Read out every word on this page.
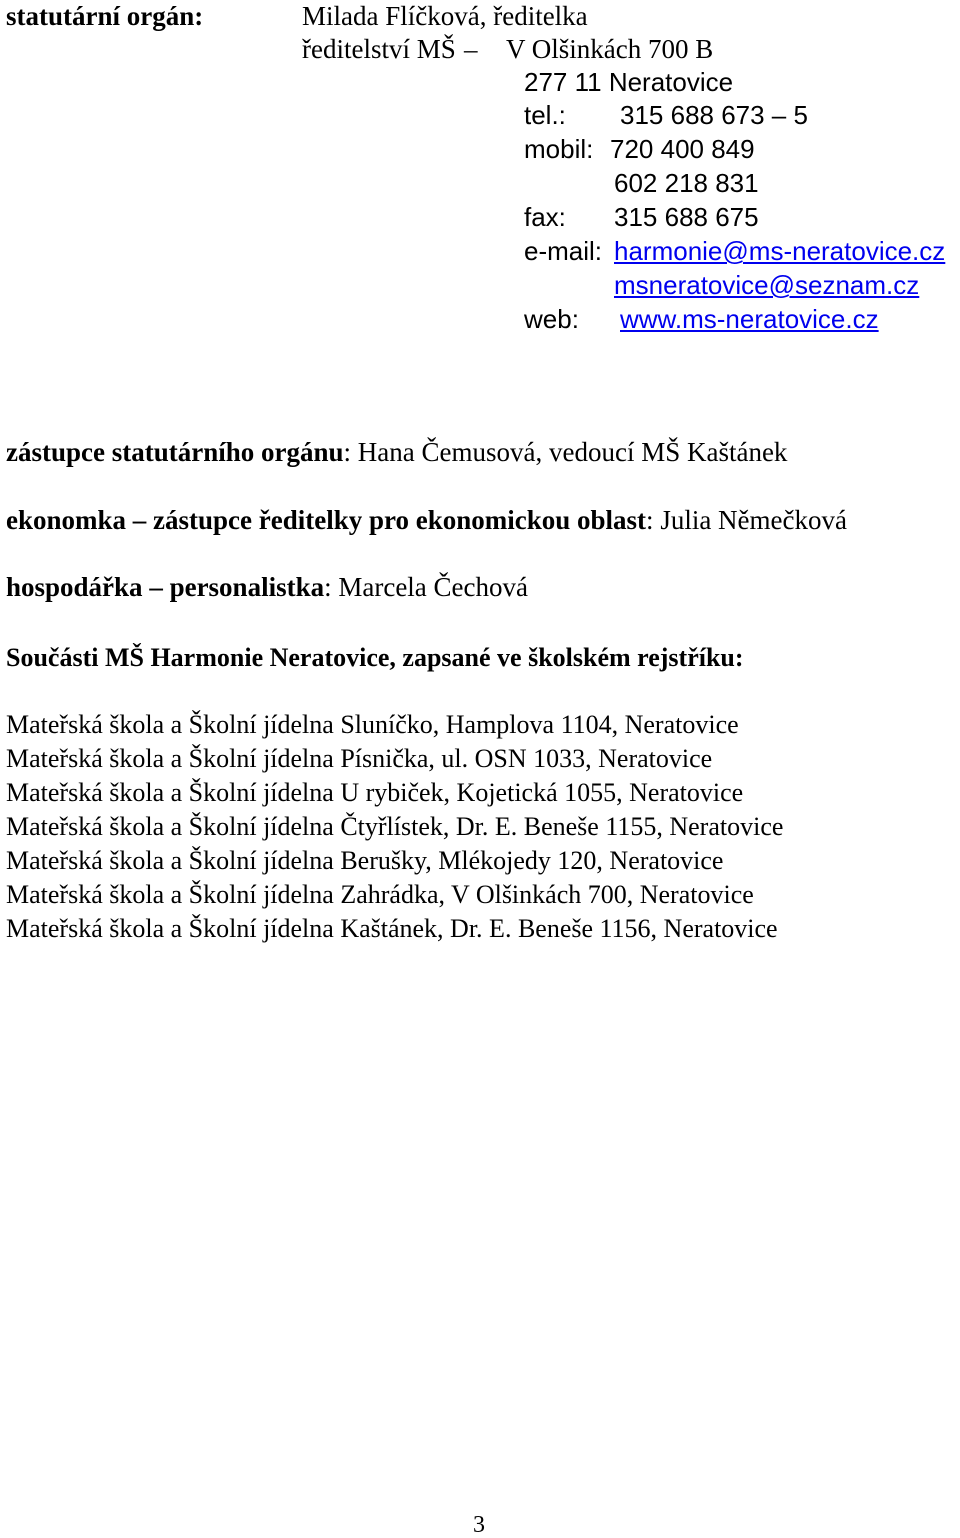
statutární orgán:	Milada Flíčková, ředitelka
ředitelství MŠ – V Olšinkách 700 B
277 11 Neratovice
tel.: 315 688 673 – 5
mobil: 720 400 849
602 218 831
fax: 315 688 675
e-mail: harmonie@ms-neratovice.cz
msneratovice@seznam.cz
web: www.ms-neratovice.cz
zástupce statutárního orgánu: Hana Čemusová, vedoucí MŠ Kaštánek
ekonomka – zástupce ředitelky pro ekonomickou oblast: Julia Němečková
hospodářka – personalistka: Marcela Čechová
Součásti MŠ Harmonie Neratovice, zapsané ve školském rejstříku:
Mateřská škola a Školní jídelna Sluníčko, Hamplova 1104, Neratovice
Mateřská škola a Školní jídelna Písnička, ul. OSN 1033, Neratovice
Mateřská škola a Školní jídelna U rybiček, Kojetická 1055, Neratovice
Mateřská škola a Školní jídelna Čtyřlístek, Dr. E. Beneše 1155, Neratovice
Mateřská škola a Školní jídelna Berušky, Mlékojedy 120, Neratovice
Mateřská škola a Školní jídelna Zahrádka, V Olšinkách 700, Neratovice
Mateřská škola a Školní jídelna Kaštánek, Dr. E. Beneše 1156, Neratovice
3
